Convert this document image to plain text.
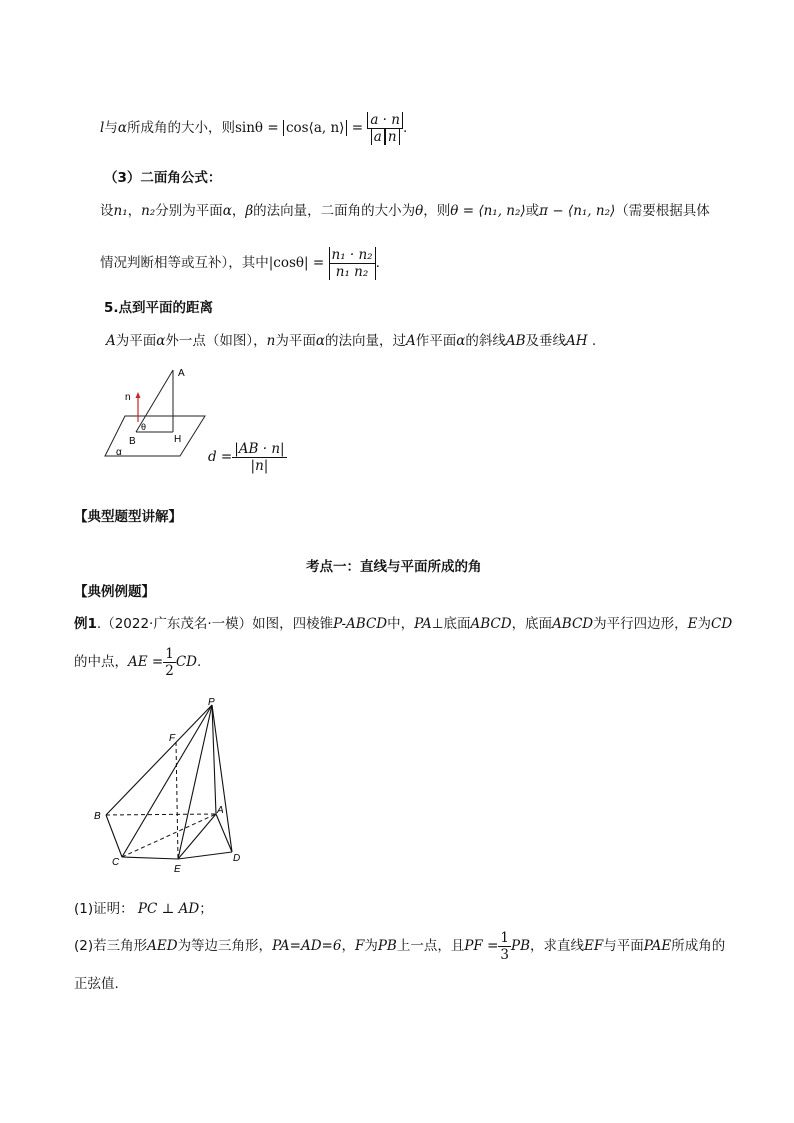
l与α所成角的大小，则sinθ = cos⟨a, n⟩ = $\frac{a \cdot n}{\text{a n}}$ .
（3）二面角公式：
设n₁，n₂分别为平面α，β的法向量，二面角的大小为θ，则θ = ⟨n₁, n₂⟩或π − ⟨n₁, n₂⟩（需要根据具体
情况判断相等或互补），其中$|\cos\theta| = \frac{\text{n₁ · n₂}}{\text{n₁ n₂}}$ .
5.点到平面的距离
A为平面α外一点（如图），n为平面α的法向量，过A作平面α的斜线AB及垂线AH .
A
n
θ
B	H
α	$d = \frac{|AB \cdot n|}{|n|}$
【典型题型讲解】
考点一：直线与平面所成的角
【典例例题】
例1.（2022·广东茂名·一模）如图，四棱锥P-ABCD中，PA⊥底面ABCD，底面ABCD为平行四边形，E为CD
的中点，AE = $\frac{1}{2}$ CD.
P
F
B
A
C
E
D
(1)证明： PC ⊥ AD；
(2)若三角形AED为等边三角形，PA=AD=6，F为PB上一点，且PF = $\frac{1}{3}$ PB，求直线EF与平面PAE所成角的
正弦值.
